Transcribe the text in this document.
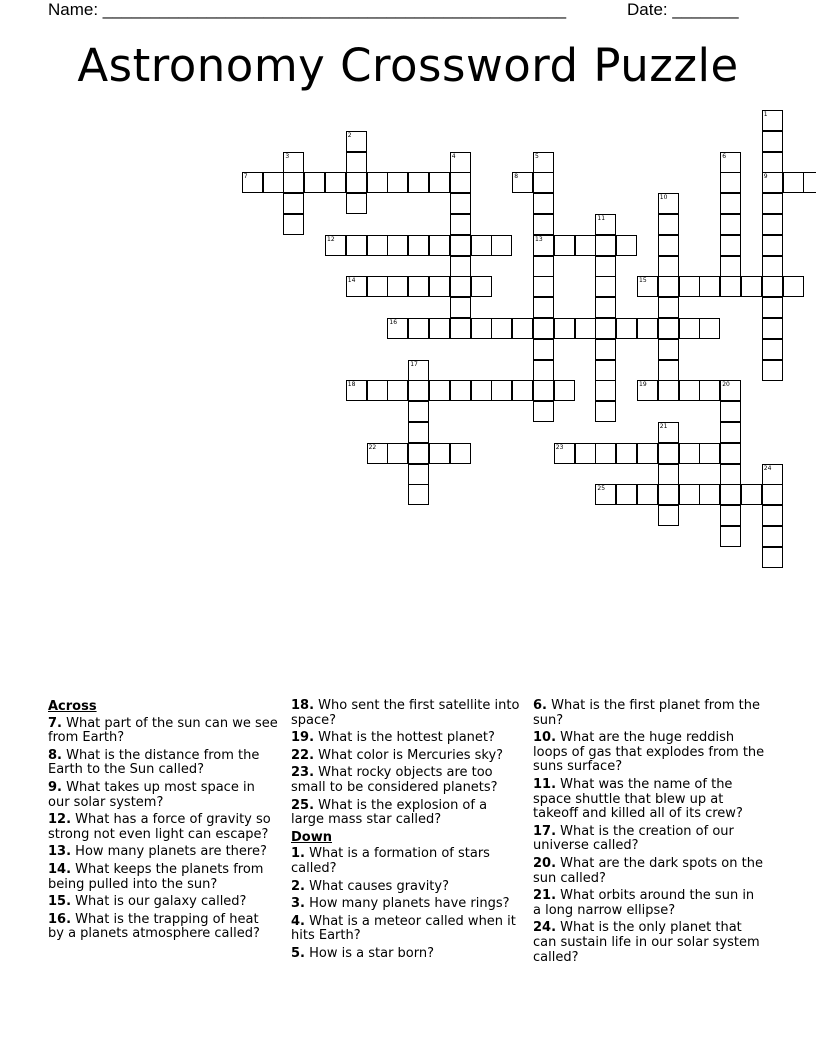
Name: _________________________________________________	Date: _______
Astronomy Crossword Puzzle
1
9
2
3	4	5
13
6
7	8
10
11
12
14	15
16
17
18	19	20
21
22	23
24
25
Across
7. What part of the sun can we see from Earth?
8. What is the distance from the Earth to the Sun called?
9. What takes up most space in our solar system?
12. What has a force of gravity so strong not even light can escape?
13. How many planets are there?
14. What keeps the planets from being pulled into the sun?
15. What is our galaxy called?
16. What is the trapping of heat by a planets atmosphere called?
18. Who sent the first satellite into space?
19. What is the hottest planet?
22. What color is Mercuries sky?
23. What rocky objects are too small to be considered planets?
25. What is the explosion of a large mass star called?
Down
1. What is a formation of stars called?
2. What causes gravity?
3. How many planets have rings?
4. What is a meteor called when it hits Earth?
5. How is a star born?
6. What is the first planet from the sun?
10. What are the huge reddish loops of gas that explodes from the suns surface?
11. What was the name of the space shuttle that blew up at takeoff and killed all of its crew?
17. What is the creation of our universe called?
20. What are the dark spots on the sun called?
21. What orbits around the sun in a long narrow ellipse?
24. What is the only planet that can sustain life in our solar system called?
